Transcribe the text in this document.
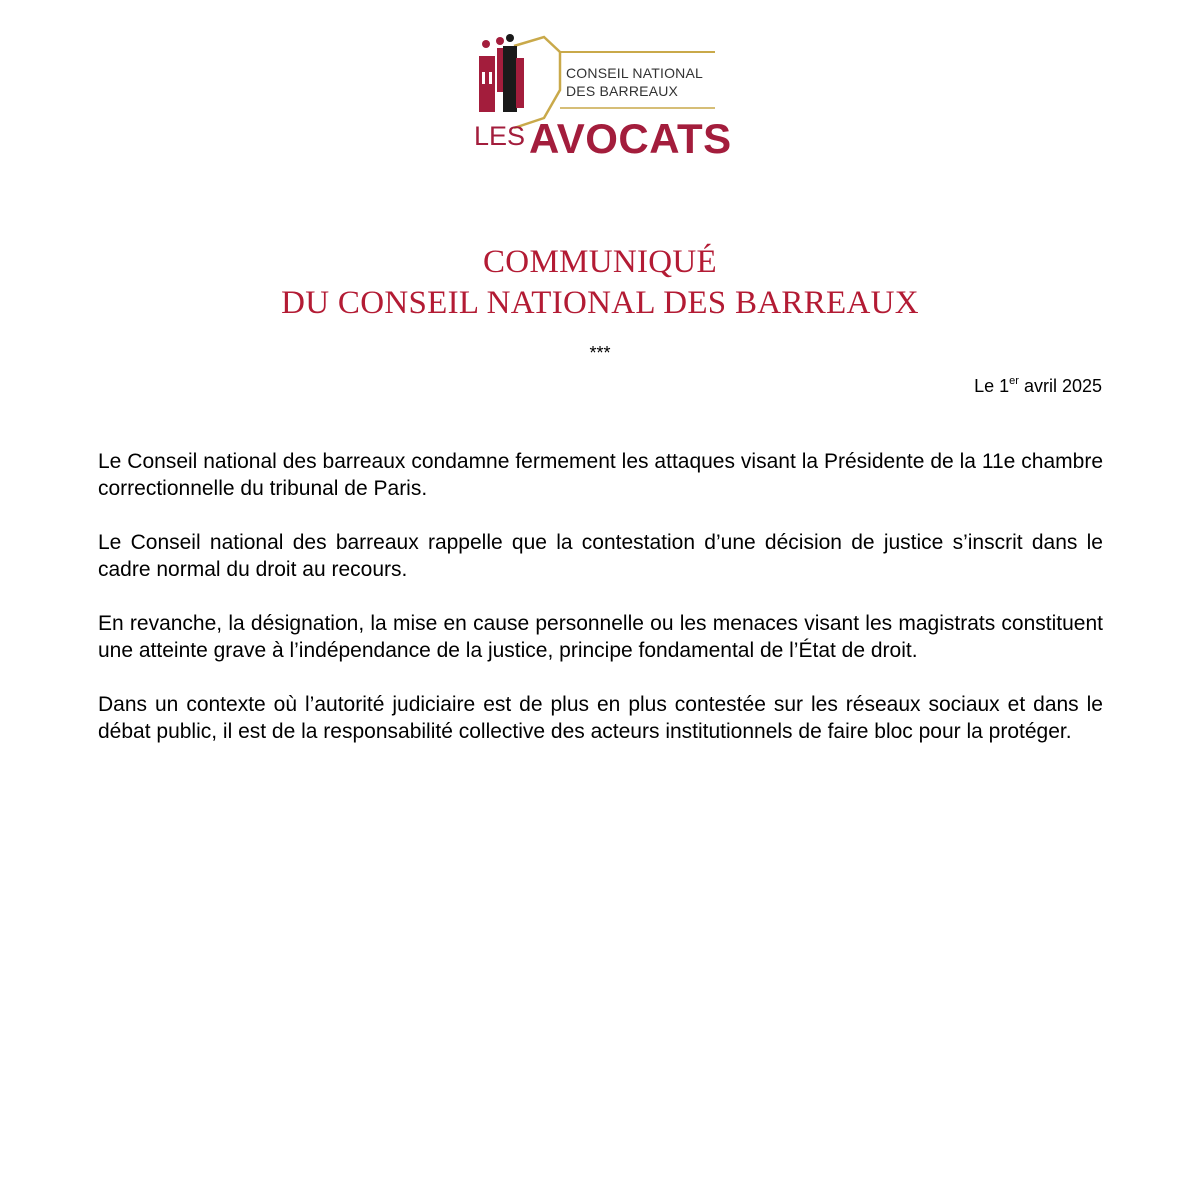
CONSEIL NATIONAL
DES BARREAUX
LES AVOCATS
COMMUNIQUÉ
DU CONSEIL NATIONAL DES BARREAUX
***
Le 1er avril 2025

Le Conseil national des barreaux condamne fermement les attaques visant la Présidente de la 11e chambre correctionnelle du tribunal de Paris.

Le Conseil national des barreaux rappelle que la contestation d’une décision de justice s’inscrit dans le cadre normal du droit au recours.

En revanche, la désignation, la mise en cause personnelle ou les menaces visant les magistrats constituent une atteinte grave à l’indépendance de la justice, principe fondamental de l’État de droit.

Dans un contexte où l’autorité judiciaire est de plus en plus contestée sur les réseaux sociaux et dans le débat public, il est de la responsabilité collective des acteurs institutionnels de faire bloc pour la protéger.
